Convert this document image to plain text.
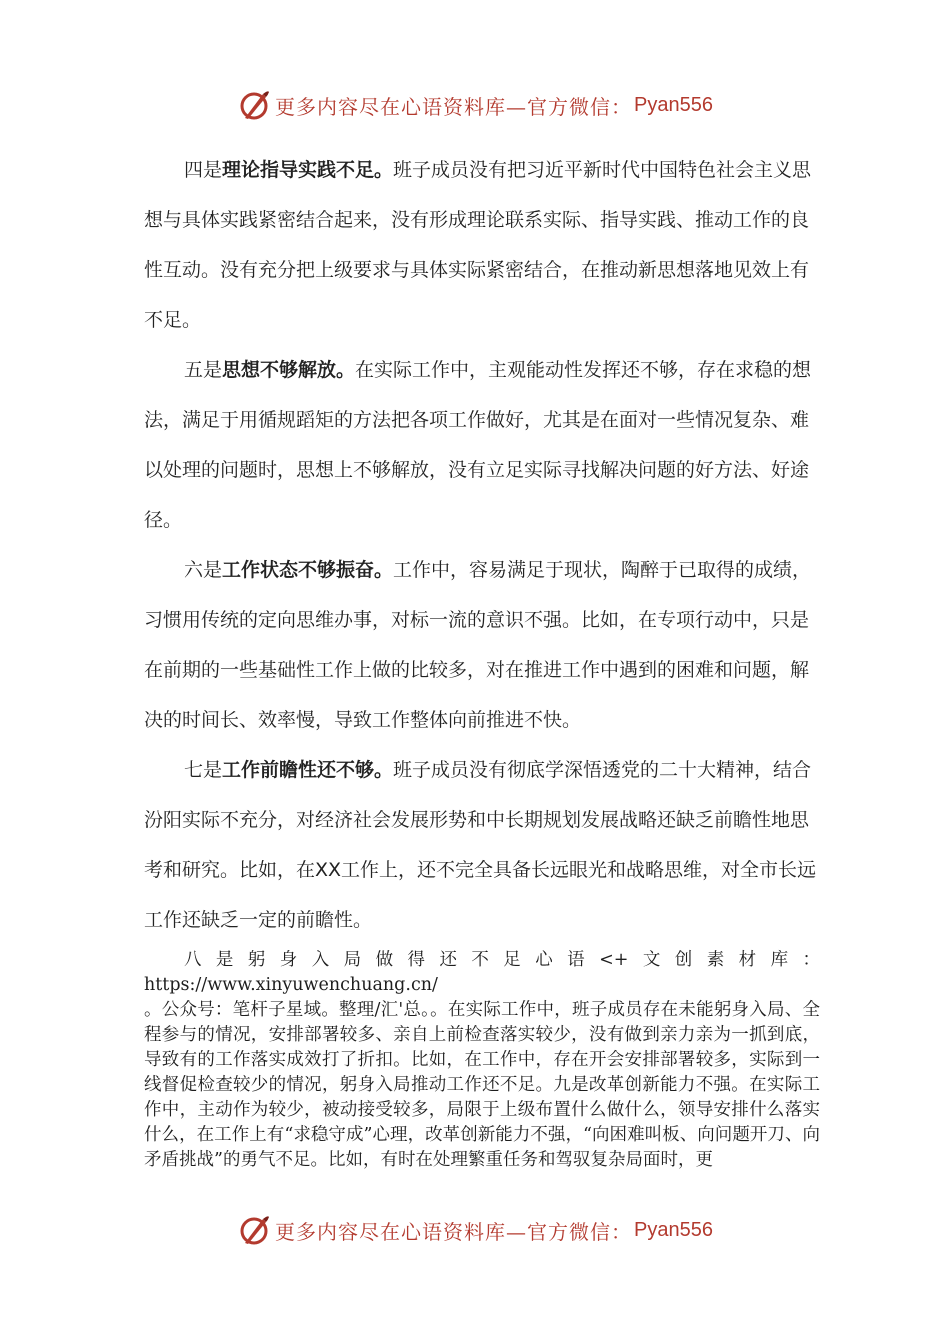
更多内容尽在心语资料库—官方微信： Pyan556

四是理论指导实践不足。班子成员没有把习近平新时代中国特色社会主义思想与具体实践紧密结合起来，没有形成理论联系实际、指导实践、推动工作的良性互动。没有充分把上级要求与具体实际紧密结合，在推动新思想落地见效上有不足。

五是思想不够解放。在实际工作中，主观能动性发挥还不够，存在求稳的想法，满足于用循规蹈矩的方法把各项工作做好，尤其是在面对一些情况复杂、难以处理的问题时，思想上不够解放，没有立足实际寻找解决问题的好方法、好途径。

六是工作状态不够振奋。工作中，容易满足于现状，陶醉于已取得的成绩，习惯用传统的定向思维办事，对标一流的意识不强。比如，在专项行动中，只是在前期的一些基础性工作上做的比较多，对在推进工作中遇到的困难和问题，解决的时间长、效率慢，导致工作整体向前推进不快。

七是工作前瞻性还不够。班子成员没有彻底学深悟透党的二十大精神，结合汾阳实际不充分，对经济社会发展形势和中长期规划发展战略还缺乏前瞻性地思考和研究。比如，在XX工作上，还不完全具备长远眼光和战略思维，对全市长远工作还缺乏一定的前瞻性。

八是躬身入局做得还不足心语<+文创素材库： https://www.xinyuwenchuang.cn/
。公众号：笔杆子星域。整理/汇'总。。在实际工作中，班子成员存在未能躬身入局、全程参与的情况，安排部署较多、亲自上前检查落实较少，没有做到亲力亲为一抓到底，导致有的工作落实成效打了折扣。比如，在工作中，存在开会安排部署较多，实际到一线督促检查较少的情况，躬身入局推动工作还不足。九是改革创新能力不强。在实际工作中，主动作为较少，被动接受较多，局限于上级布置什么做什么，领导安排什么落实什么，在工作上有“求稳守成”心理，改革创新能力不强，“向困难叫板、向问题开刀、向矛盾挑战”的勇气不足。比如，有时在处理繁重任务和驾驭复杂局面时，更
更多内容尽在心语资料库—官方微信： Pyan556
